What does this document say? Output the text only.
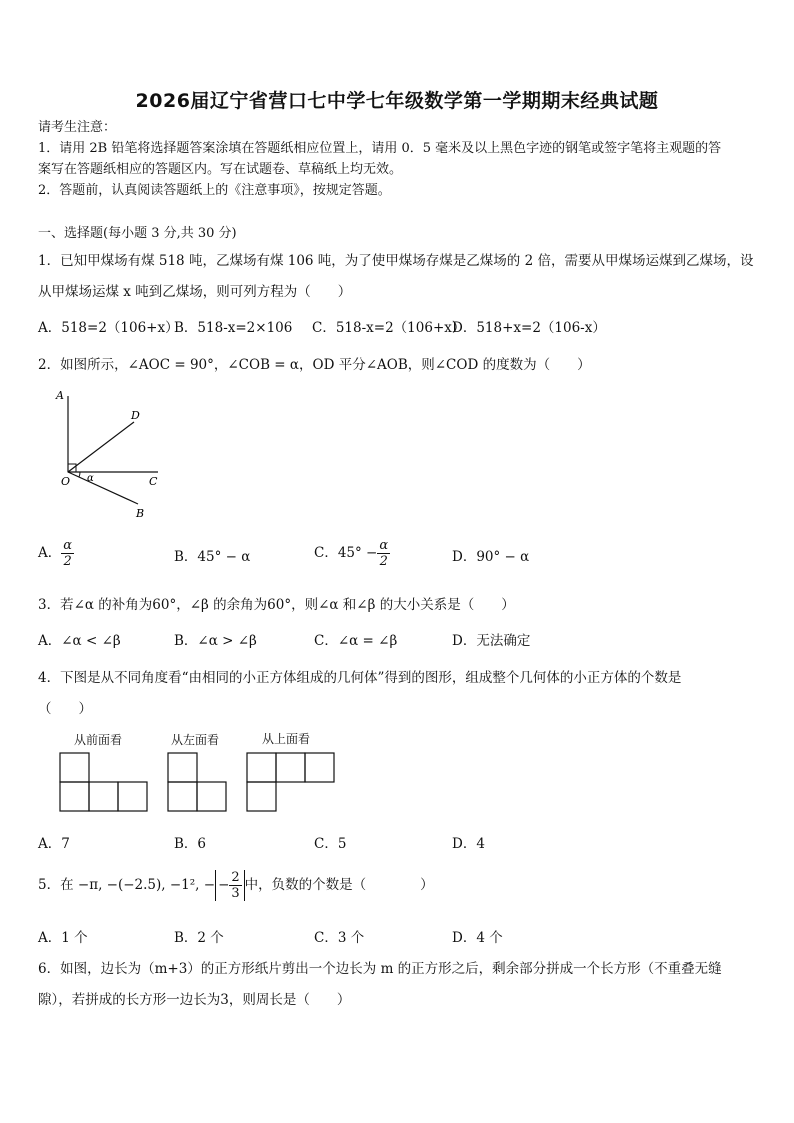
2026届辽宁省营口七中学七年级数学第一学期期末经典试题
请考生注意：
1．请用 2B 铅笔将选择题答案涂填在答题纸相应位置上，请用 0．5 毫米及以上黑色字迹的钢笔或签字笔将主观题的答
案写在答题纸相应的答题区内。写在试题卷、草稿纸上均无效。
2．答题前，认真阅读答题纸上的《注意事项》，按规定答题。
一、选择题(每小题 3 分,共 30 分)
1．已知甲煤场有煤 518 吨，乙煤场有煤 106 吨，为了使甲煤场存煤是乙煤场的 2 倍，需要从甲煤场运煤到乙煤场，设
从甲煤场运煤 x 吨到乙煤场，则可列方程为（　　）
A．518=2（106+x）
B．518-x=2×106 C．518-x=2（106+x）
D．518+x=2（106-x）
2．如图所示，∠AOC = 90°，∠COB = α，OD 平分∠AOB，则∠COD 的度数为（　　）
A
D
O α	C
B
A． $\frac{\alpha}{2}$	B．45° − α	C．$45^\circ - \frac{\alpha}{2}$	D．90° − α
3．若∠α 的补角为60°，∠β 的余角为60°，则∠α 和∠β 的大小关系是（　　）
A．∠α < ∠β	B．∠α > ∠β	C．∠α = ∠β	D．无法确定
4．下图是从不同角度看“由相同的小正方体组成的几何体”得到的图形，组成整个几何体的小正方体的个数是
（　　）
从前面看	从左面看	从上面看
A．7	B．6	C．5	D．4
5．在 −π, −(−2.5), −1², − − $\frac{2}{3}$ 中，负数的个数是（　　　　）
A．1 个	B．2 个	C．3 个	D．4 个
6．如图，边长为（m+3）的正方形纸片剪出一个边长为 m 的正方形之后，剩余部分拼成一个长方形（不重叠无缝
隙），若拼成的长方形一边长为3，则周长是（　　）
